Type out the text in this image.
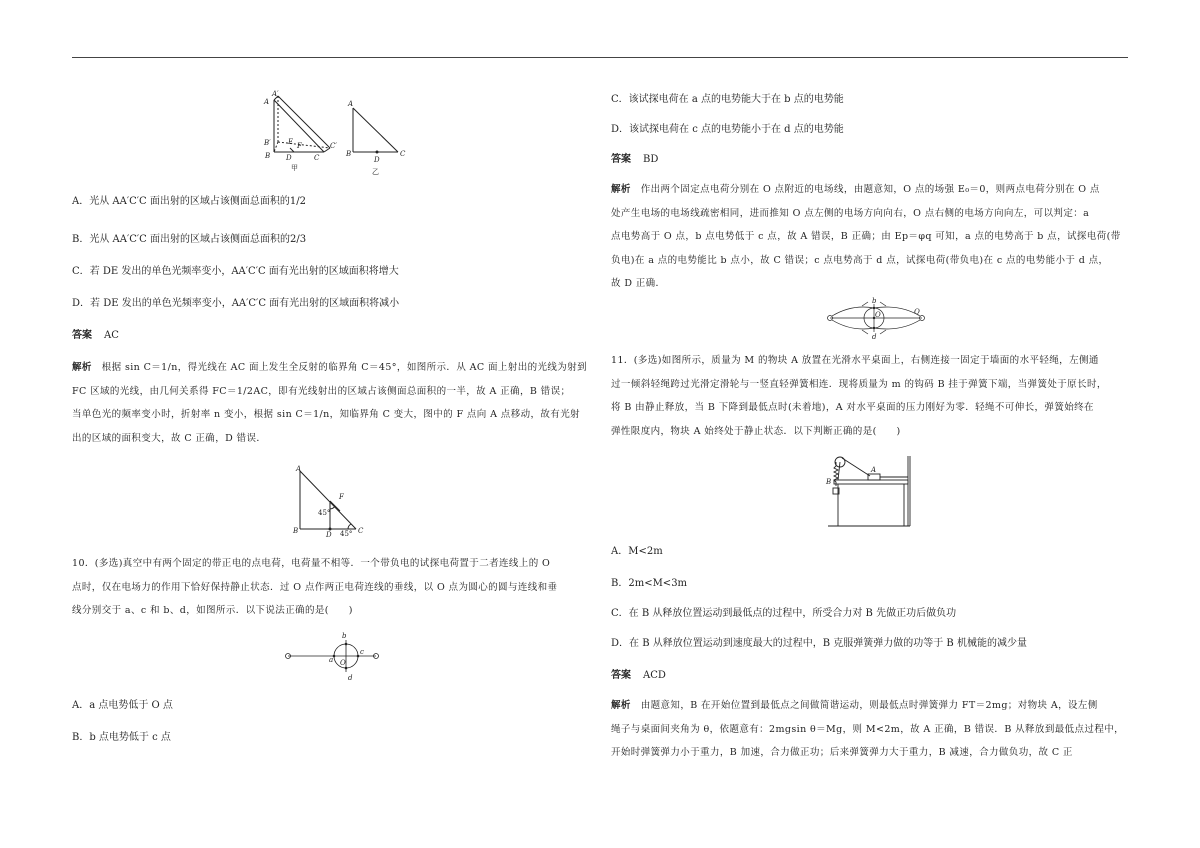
A′
A
B′ E F	C′
B D	C
A
B
D
C
甲	乙
A．光从 AA′C′C 面出射的区域占该侧面总面积的1/2
B．光从 AA′C′C 面出射的区域占该侧面总面积的2/3
C．若 DE 发出的单色光频率变小，AA′C′C 面有光出射的区域面积将增大
D．若 DE 发出的单色光频率变小，AA′C′C 面有光出射的区域面积将减小
答案 AC
解析　 根据 sin C＝1/n，得光线在 AC 面上发生全反射的临界角 C＝45°，如图所示．从 AC 面上射出的光线为射到
FC 区域的光线，由几何关系得 FC＝1/2AC，即有光线射出的区域占该侧面总面积的一半，故 A 正确，B 错误；
当单色光的频率变小时，折射率 n 变小，根据 sin C＝1/n，知临界角 C 变大，图中的 F 点向 A 点移动，故有光射
出的区域的面积变大，故 C 正确，D 错误．
A
F
45°
B	D 45° C
10．(多选)真空中有两个固定的带正电的点电荷，电荷量不相等．一个带负电的试探电荷置于二者连线上的 O
点时，仅在电场力的作用下恰好保持静止状态．过 O 点作两正电荷连线的垂线，以 O 点为圆心的圆与连线和垂
线分别交于 a、c 和 b、d，如图所示．以下说法正确的是(　　)
a
b
c
d
O
A．a 点电势低于 O 点
B．b 点电势低于 c 点
C．该试探电荷在 a 点的电势能大于在 b 点的电势能
D．该试探电荷在 c 点的电势能小于在 d 点的电势能
答案 BD
解析　 作出两个固定点电荷分别在 O 点附近的电场线，由题意知，O 点的场强 E₀＝0，则两点电荷分别在 O 点
处产生电场的电场线疏密相同，进而推知 O 点左侧的电场方向向右，O 点右侧的电场方向向左，可以判定：a
点电势高于 O 点，b 点电势低于 c 点，故 A 错误，B 正确；由 Ep＝φq 可知，a 点的电势高于 b 点，试探电荷(带
负电)在 a 点的电势能比 b 点小，故 C 错误；c 点电势高于 d 点，试探电荷(带负电)在 c 点的电势能小于 d 点，
故 D 正确．
b
O	Q
d
11．(多选)如图所示，质量为 M 的物块 A 放置在光滑水平桌面上，右侧连接一固定于墙面的水平轻绳，左侧通
过一倾斜轻绳跨过光滑定滑轮与一竖直轻弹簧相连．现将质量为 m 的钩码 B 挂于弹簧下端，当弹簧处于原长时，
将 B 由静止释放，当 B 下降到最低点时(未着地)，A 对水平桌面的压力刚好为零．轻绳不可伸长，弹簧始终在
弹性限度内，物块 A 始终处于静止状态．以下判断正确的是(　　)
A
B
A．M<2m
B．2m<M<3m
C．在 B 从释放位置运动到最低点的过程中，所受合力对 B 先做正功后做负功
D．在 B 从释放位置运动到速度最大的过程中，B 克服弹簧弹力做的功等于 B 机械能的减少量
答案 ACD
解析　 由题意知，B 在开始位置到最低点之间做简谐运动，则最低点时弹簧弹力 FT＝2mg；对物块 A，设左侧
绳子与桌面间夹角为 θ，依题意有：2mgsin θ＝Mg，则 M<2m，故 A 正确，B 错误．B 从释放到最低点过程中，
开始时弹簧弹力小于重力，B 加速，合力做正功；后来弹簧弹力大于重力，B 减速，合力做负功，故 C 正
